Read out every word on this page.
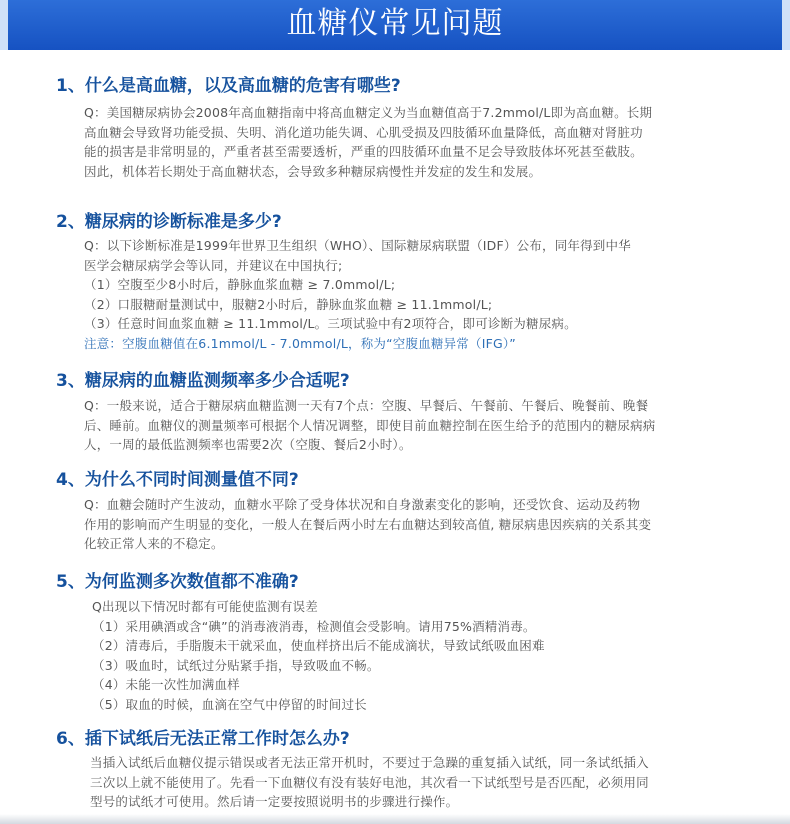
血糖仪常见问题
1、什么是高血糖，以及高血糖的危害有哪些?
Q：美国糖尿病协会2008年高血糖指南中将高血糖定义为当血糖值高于7.2mmol/L即为高血糖。长期
高血糖会导致肾功能受损、失明、消化道功能失调、心肌受损及四肢循环血量降低，高血糖对肾脏功
能的损害是非常明显的，严重者甚至需要透析，严重的四肢循环血量不足会导致肢体坏死甚至截肢。
因此，机体若长期处于高血糖状态，会导致多种糖尿病慢性并发症的发生和发展。
2、糖尿病的诊断标准是多少?
Q：以下诊断标准是1999年世界卫生组织（WHO）、国际糖尿病联盟（IDF）公布，同年得到中华
医学会糖尿病学会等认同，并建议在中国执行;
（1）空腹至少8小时后，静脉血浆血糖 ≥ 7.0mmol/L;
（2）口服糖耐量测试中，服糖2小时后，静脉血浆血糖 ≥ 11.1mmol/L;
（3）任意时间血浆血糖 ≥ 11.1mmol/L。三项试验中有2项符合，即可诊断为糖尿病。
注意：空腹血糖值在6.1mmol/L - 7.0mmol/L，称为“空腹血糖异常（IFG）”
3、糖尿病的血糖监测频率多少合适呢?
Q：一般来说，适合于糖尿病血糖监测一天有7个点：空腹、早餐后、午餐前、午餐后、晚餐前、晚餐
后、睡前。血糖仪的测量频率可根据个人情况调整，即使目前血糖控制在医生给予的范围内的糖尿病病
人，一周的最低监测频率也需要2次（空腹、餐后2小时）。
4、为什么不同时间测量值不同?
Q：血糖会随时产生波动，血糖水平除了受身体状况和自身激素变化的影响，还受饮食、运动及药物
作用的影响而产生明显的变化，一般人在餐后两小时左右血糖达到较高值, 糖尿病患因疾病的关系其变
化较正常人来的不稳定。
5、为何监测多次数值都不准确?
Q出现以下情况时都有可能使监测有误差
（1）采用碘酒或含“碘”的消毒液消毒，检测值会受影响。请用75%酒精消毒。
（2）清毒后，手脂腹未干就采血，使血样挤出后不能成滴状，导致试纸吸血困难
（3）吸血时，试纸过分贴紧手指，导致吸血不畅。
（4）未能一次性加满血样
（5）取血的时候，血滴在空气中停留的时间过长
6、插下试纸后无法正常工作时怎么办?
当插入试纸后血糖仪提示错误或者无法正常开机时，不要过于急躁的重复插入试纸，同一条试纸插入
三次以上就不能使用了。先看一下血糖仪有没有装好电池，其次看一下试纸型号是否匹配，必须用同
型号的试纸才可使用。然后请一定要按照说明书的步骤进行操作。
